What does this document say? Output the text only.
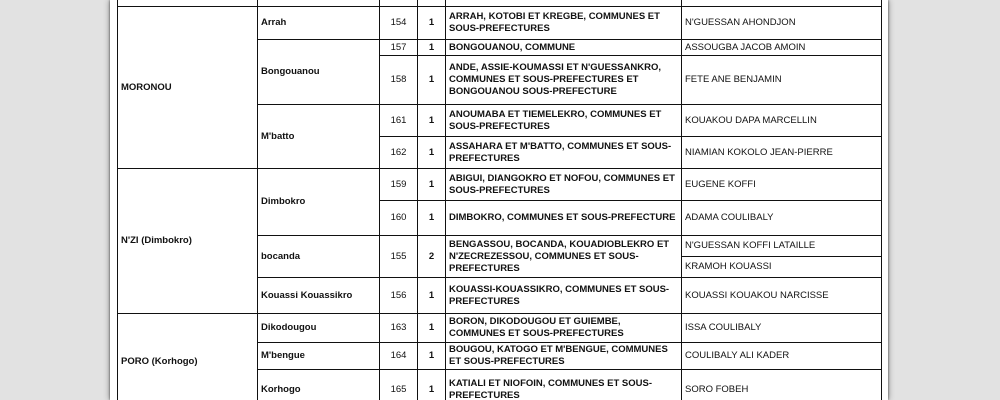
MORONOU	Arrah	154	1	ARRAH, KOTOBI ET KREGBE, COMMUNES ET SOUS-PREFECTURES	N'GUESSAN AHONDJON
	Bongouanou	157	1	BONGOUANOU, COMMUNE	ASSOUGBA JACOB AMOIN
		158	1	ANDE, ASSIE-KOUMASSI ET N'GUESSANKRO, COMMUNES ET SOUS-PREFECTURES ET BONGOUANOU SOUS-PREFECTURE	FETE ANE BENJAMIN
	M'batto	161	1	ANOUMABA ET TIEMELEKRO, COMMUNES ET SOUS-PREFECTURES	KOUAKOU DAPA MARCELLIN
		162	1	ASSAHARA ET M'BATTO, COMMUNES ET SOUS-PREFECTURES	NIAMIAN KOKOLO JEAN-PIERRE
N'ZI (Dimbokro)	Dimbokro	159	1	ABIGUI, DIANGOKRO ET NOFOU, COMMUNES ET SOUS-PREFECTURES	EUGENE KOFFI
		160	1	DIMBOKRO, COMMUNES ET SOUS-PREFECTURE	ADAMA COULIBALY
	bocanda	155	2	BENGASSOU, BOCANDA, KOUADIOBLEKRO ET N'ZECREZESSOU, COMMUNES ET SOUS-PREFECTURES	N'GUESSAN KOFFI LATAILLE
					KRAMOH KOUASSI
	Kouassi Kouassikro	156	1	KOUASSI-KOUASSIKRO, COMMUNES ET SOUS-PREFECTURES	KOUASSI KOUAKOU NARCISSE
PORO (Korhogo)	Dikodougou	163	1	BORON, DIKODOUGOU ET GUIEMBE, COMMUNES ET SOUS-PREFECTURES	ISSA COULIBALY
	M'bengue	164	1	BOUGOU, KATOGO ET M'BENGUE, COMMUNES ET SOUS-PREFECTURES	COULIBALY ALI KADER
	Korhogo	165	1	KATIALI ET NIOFOIN, COMMUNES ET SOUS-PREFECTURES	SORO FOBEH
